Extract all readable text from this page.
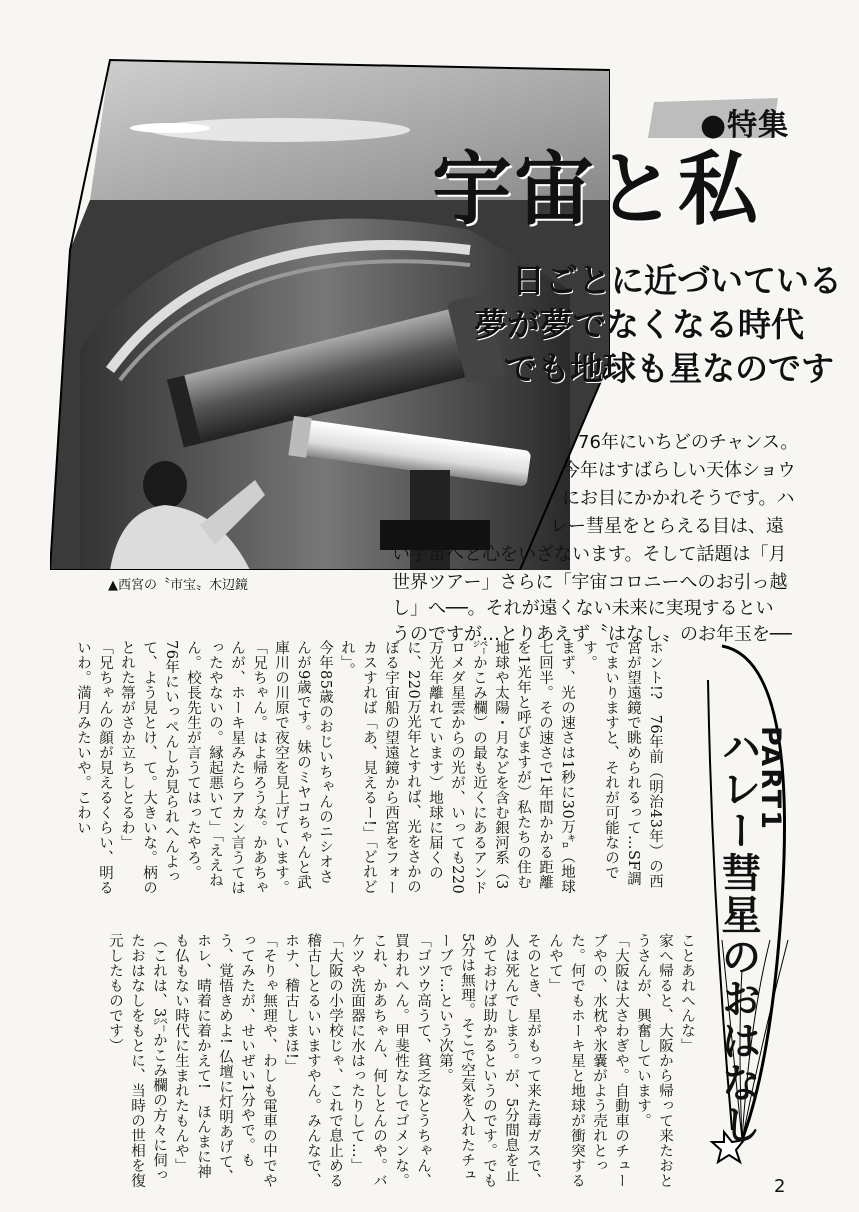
▲西宮の〝市宝〟木辺鏡
●特集
宇宙と私
日ごとに近づいている
夢が夢でなくなる時代
でも地球も星なのです
76年にいちどのチャンス。
今年はすばらしい天体ショウ
にお目にかかれそうです。ハ
レー彗星をとらえる目は、遠
い宇宙へと心をいざないます。そして話題は「月
世界ツアー」さらに「宇宙コロニーへのお引っ越
し」へ──。それが遠くない未来に実現するとい
うのですが…とりあえず〝はなし〟のお年玉を──

ホント!?　76年前（明治43年）の西宮が望遠鏡で眺められるって…SF調でまいりますと、それが可能なのです。
まず、光の速さは1秒に30万㌔（地球七回半。その速さで1年間かかる距離を1光年と呼びますが）私たちの住む地球や太陽・月などを含む銀河系（3㌻かこみ欄）の最も近くにあるアンドロメダ星雲からの光が、いっても220万光年離れています）地球に届くのに、220万光年とすれば、光をさかのぼる宇宙船の望遠鏡から西宮をフォーカスすれば「あ、見えるー!」「どれどれ」。
今年85歳のおじいちゃんのニシオさんが9歳です。妹のミヤコちゃんと武庫川の川原で夜空を見上げています。
「兄ちゃん。はよ帰ろうな。かあちゃんが、ホーキ星みたらアカン言うてはったやないの。縁起悪いて」「ええねん。校長先生が言うてはったやろ。76年にいっぺんしか見られへんよって、よう見とけ、て。大きいな。柄のとれた箒がさか立ちしとるわ」
「兄ちゃんの顔が見えるくらい、明るいわ。満月みたいや。こわい

ことあれへんな」
家へ帰ると、大阪から帰って来たおとうさんが、興奮しています。
「大阪は大さわぎや。自動車のチューブやの、水枕や氷嚢がよう売れとった。何でもホーキ星と地球が衝突するんやて」
そのとき、星がもって来た毒ガスで、人は死んでしまう。が、5分間息を止めておけば助かるというのです。でも5分は無理。そこで空気を入れたチューブで…という次第。
「ゴツウ高うて、貧乏なとうちゃん、買われへん。甲斐性なしでゴメンな。これ、かあちゃん、何しとんのや。バケツや洗面器に水はったりして…」
「大阪の小学校じゃ、これで息止める稽古しとるいいますやん。みんなで、ホナ、稽古しまほ!」
「そりゃ無理や、わしも電車の中でやってみたが、せいぜい1分やで。もう、覚悟きめよ! 仏壇に灯明あげて、ホレ、晴着に着かえて!　ほんまに神も仏もない時代に生まれたもんや」
（これは、3㌻かこみ欄の方々に伺ったおはなしをもとに、当時の世相を復元したものです）

PART1
ハレー彗星のおはなし
2
